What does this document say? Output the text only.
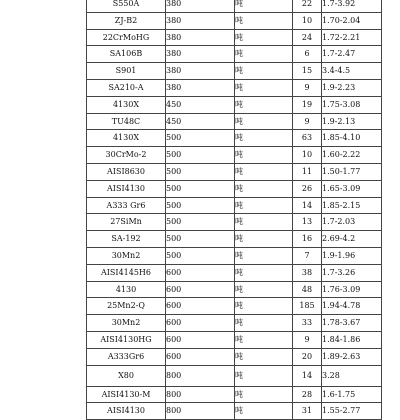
S550A	380	吨	22	1.7-3.92
ZJ-B2	380	吨	10	1.70-2.04
22CrMoHG	380	吨	24	1.72-2.21
SA106B	380	吨	6	1.7-2.47
S901	380	吨	15	3.4-4.5
SA210-A	380	吨	9	1.9-2.23
4130X	450	吨	19	1.75-3.08
TU48C	450	吨	9	1.9-2.13
4130X	500	吨	63	1.85-4.10
30CrMo-2	500	吨	10	1.60-2.22
AISI8630	500	吨	11	1.50-1.77
AISI4130	500	吨	26	1.65-3.09
A333 Gr6	500	吨	14	1.85-2.15
27SiMn	500	吨	13	1.7-2.03
SA-192	500	吨	16	2.69-4.2
30Mn2	500	吨	7	1.9-1.96
AISI4145H6	600	吨	38	1.7-3.26
4130	600	吨	48	1.76-3.09
25Mn2-Q	600	吨	185	1.94-4.78
30Mn2	600	吨	33	1.78-3.67
AISI4130HG	600	吨	9	1.84-1.86
A333Gr6	600	吨	20	1.89-2.63
X80	800	吨	14	3.28
AISI4130-M	800	吨	28	1.6-1.75
AISI4130	800	吨	31	1.55-2.77
